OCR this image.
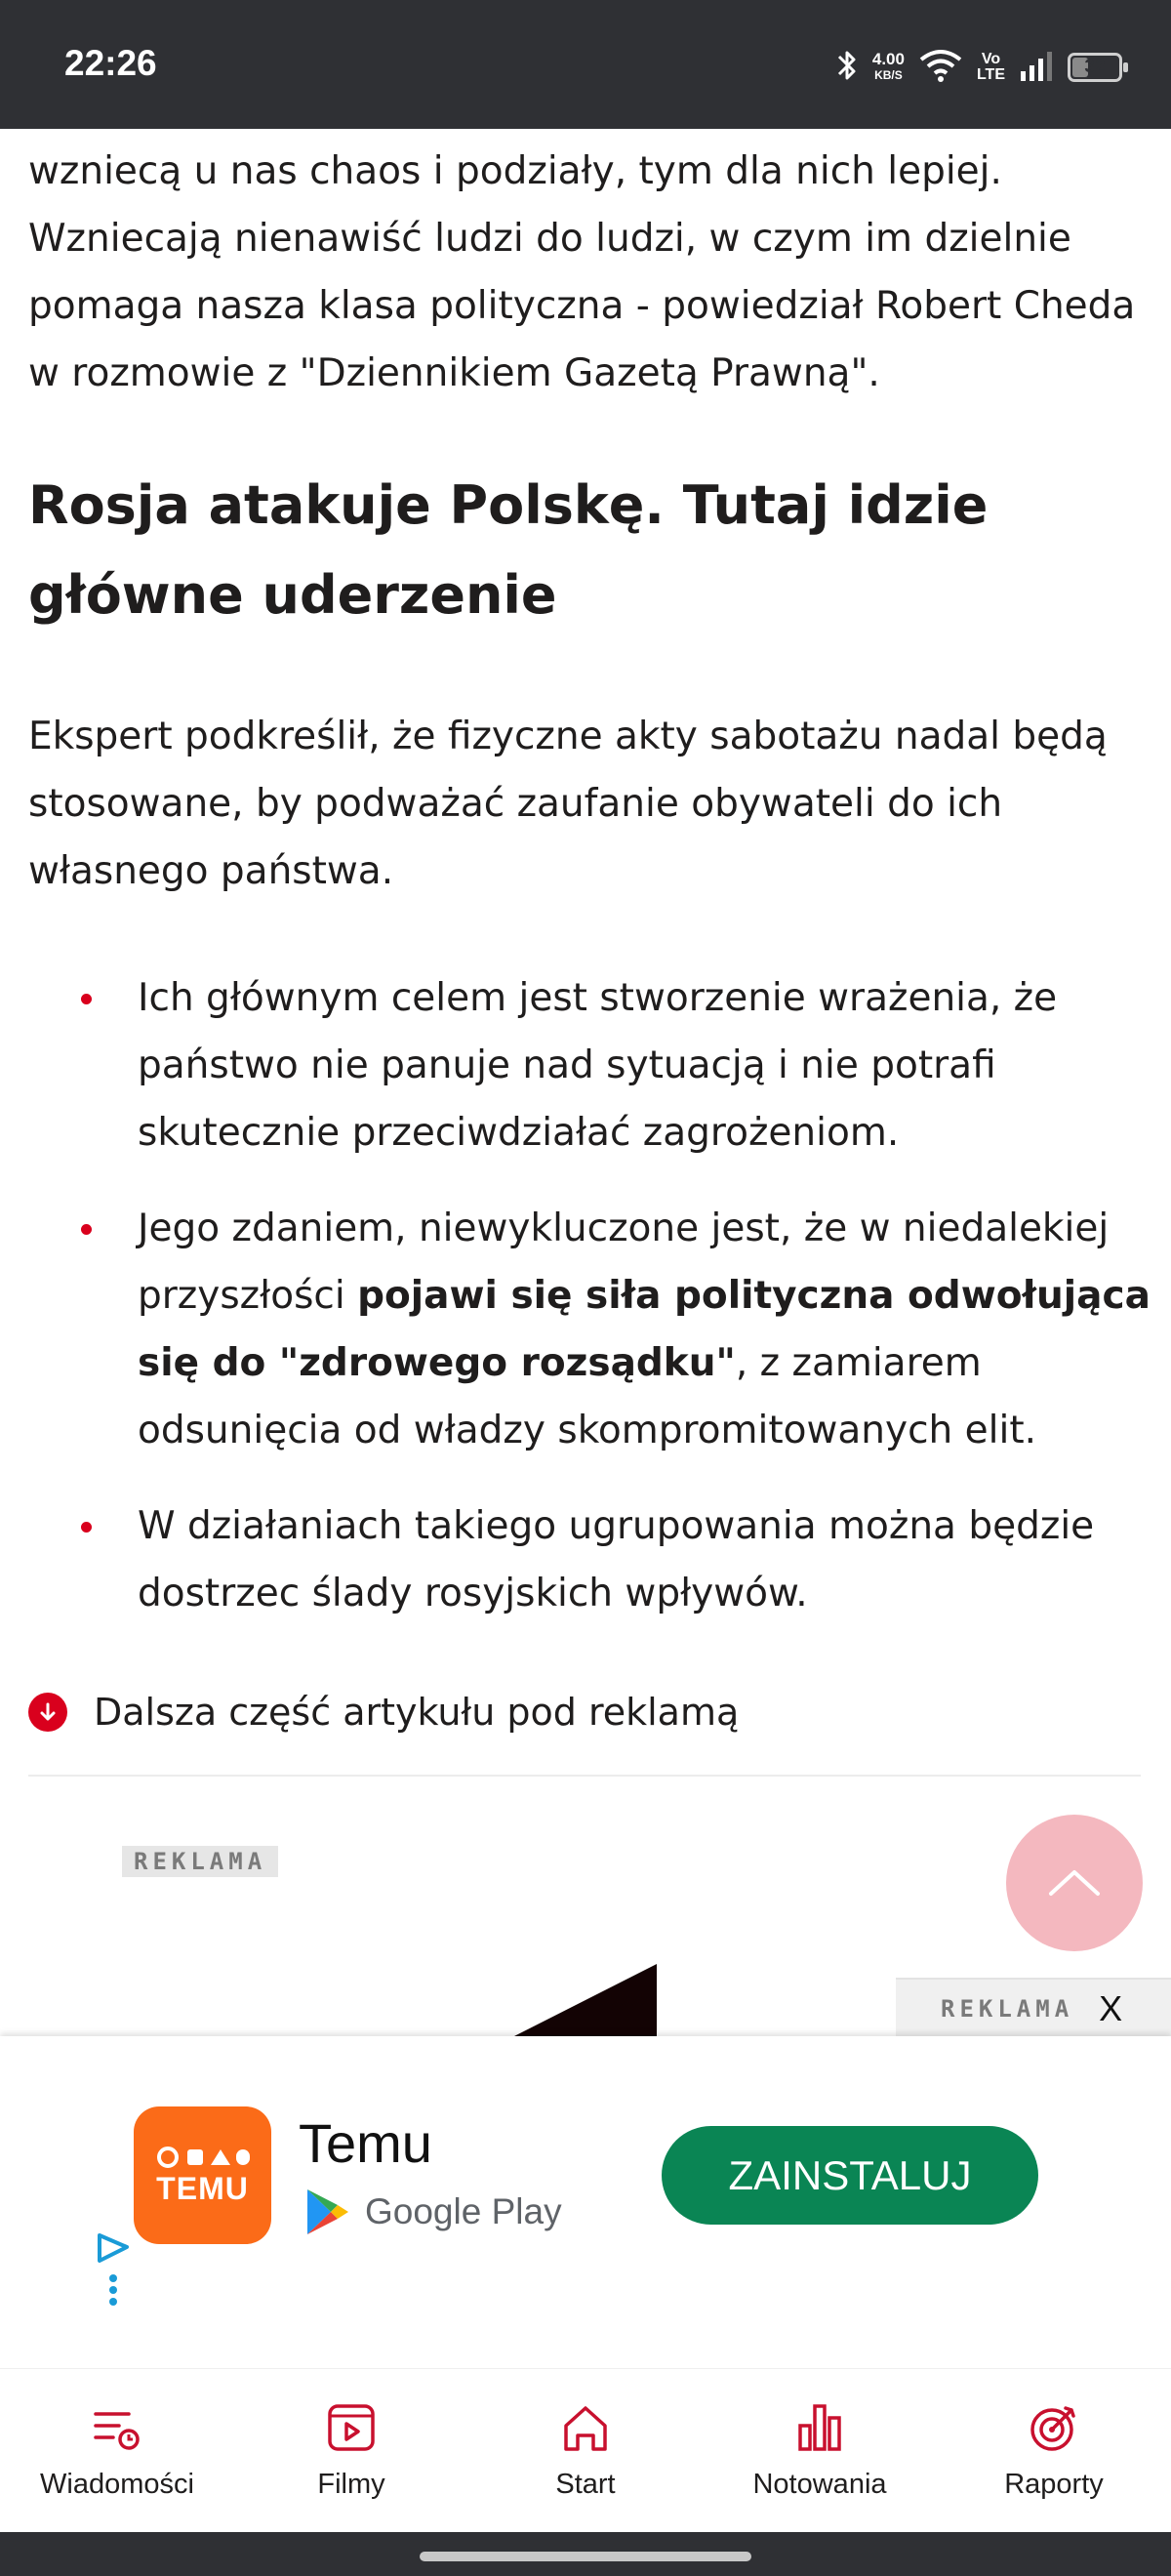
22:26	4.00
KB/S
Vo
LTE	32

wzniecą u nas chaos i podziały, tym dla nich lepiej. Wzniecają nienawiść ludzi do ludzi, w czym im dzielnie pomaga nasza klasa polityczna - powiedział Robert Cheda w rozmowie z "Dziennikiem Gazetą Prawną".

Rosja atakuje Polskę. Tutaj idzie główne uderzenie

Ekspert podkreślił, że fizyczne akty sabotażu nadal będą stosowane, by podważać zaufanie obywateli do ich własnego państwa.

Ich głównym celem jest stworzenie wrażenia, że państwo nie panuje nad sytuacją i nie potrafi skutecznie przeciwdziałać zagrożeniom.
Jego zdaniem, niewykluczone jest, że w niedalekiej przyszłości pojawi się siła polityczna odwołująca się do "zdrowego rozsądku", z zamiarem odsunięcia od władzy skompromitowanych elit.
W działaniach takiego ugrupowania można będzie dostrzec ślady rosyjskich wpływów.
Dalsza część artykułu pod reklamą
REKLAMA
REKLAMA X
TEMU
Temu
Google Play
ZAINSTALUJ
Wiadomości	Filmy	Start	Notowania	Raporty
